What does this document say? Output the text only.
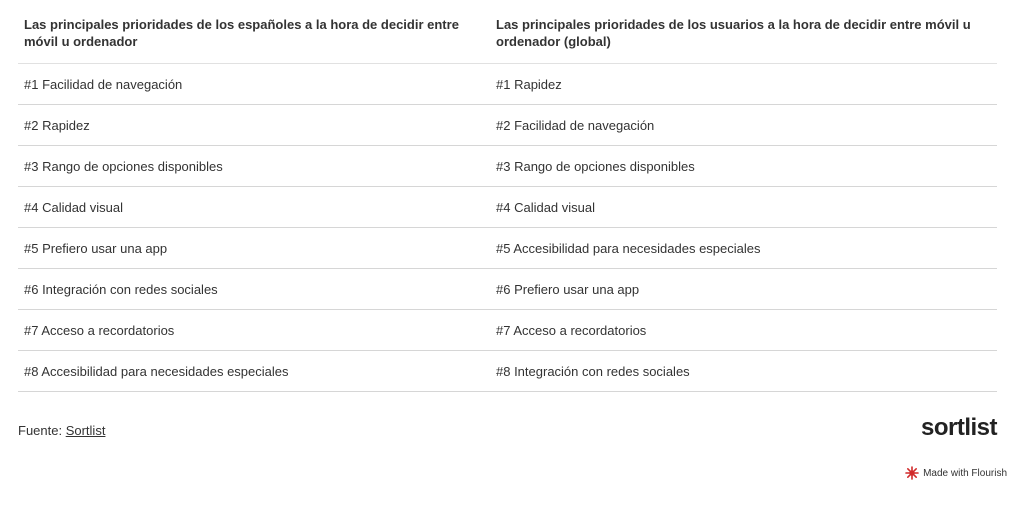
Las principales prioridades de los españoles a la hora de decidir entre móvil u ordenador	Las principales prioridades de los usuarios a la hora de decidir entre móvil u ordenador (global)
#1 Facilidad de navegación	#1 Rapidez
#2 Rapidez	#2 Facilidad de navegación
#3 Rango de opciones disponibles	#3 Rango de opciones disponibles
#4 Calidad visual	#4 Calidad visual
#5 Prefiero usar una app	#5 Accesibilidad para necesidades especiales
#6 Integración con redes sociales	#6 Prefiero usar una app
#7 Acceso a recordatorios	#7 Acceso a recordatorios
#8 Accesibilidad para necesidades especiales	#8 Integración con redes sociales
Fuente: Sortlist	sortlist
Made with Flourish
